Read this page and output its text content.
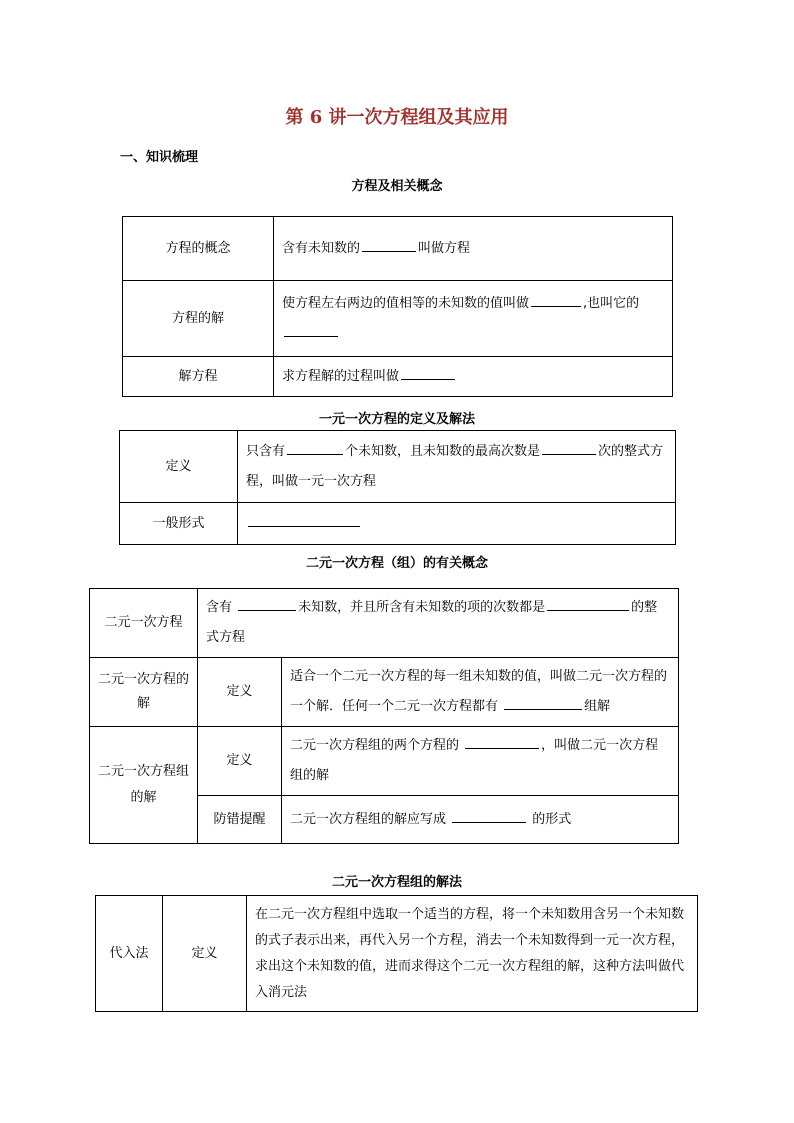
第 6 讲一次方程组及其应用
一、知识梳理
方程及相关概念
方程的概念	含有未知数的 叫做方程
方程的解	使方程左右两边的值相等的未知数的值叫做 ,也叫它的

解方程	求方程解的过程叫做
一元一次方程的定义及解法
定义	只含有 个未知数，且未知数的最高次数是 次的整式方程，叫做一元一次方程
一般形式	
二元一次方程（组）的有关概念
二元一次方程	含有 未知数，并且所含有未知数的项的次数都是 的整式方程	
二元一次方程的解	定义	适合一个二元一次方程的每一组未知数的值，叫做二元一次方程的一个解．任何一个二元一次方程都有 组解
二元一次方程组的解	定义	二元一次方程组的两个方程的 ，叫做二元一次方程组的解
	防错提醒	二元一次方程组的解应写成 的形式
二元一次方程组的解法
代入法	定义	在二元一次方程组中选取一个适当的方程，将一个未知数用含另一个未知数的式子表示出来，再代入另一个方程，消去一个未知数得到一元一次方程，求出这个未知数的值，进而求得这个二元一次方程组的解，这种方法叫做代入消元法
